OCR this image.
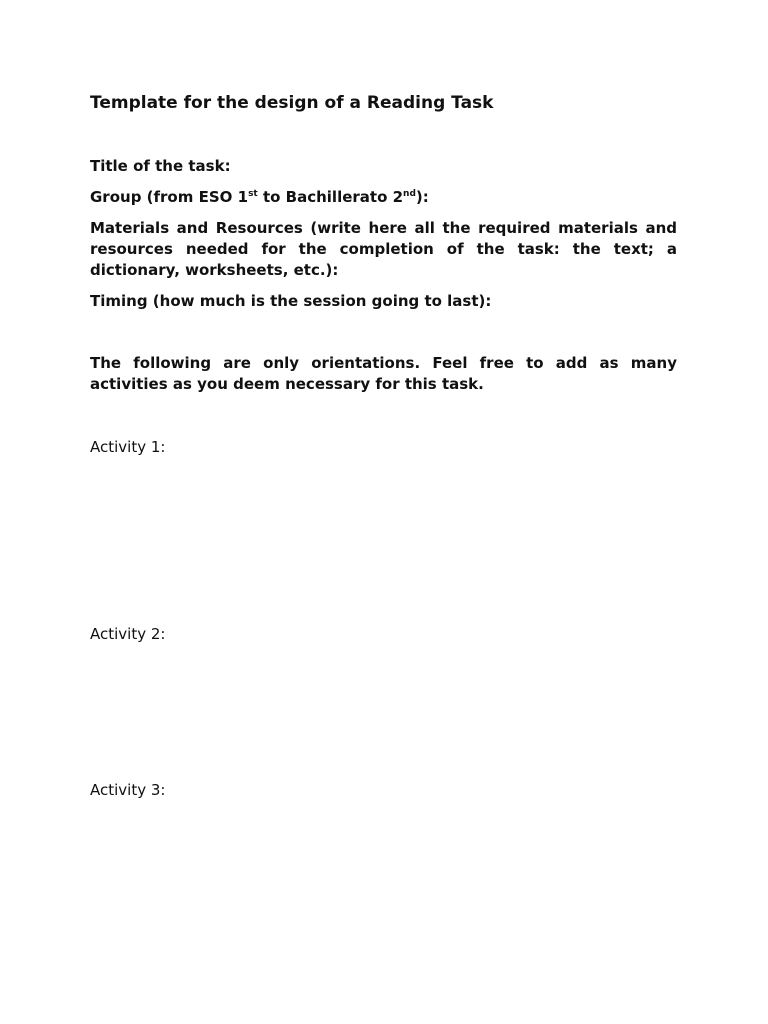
Template for the design of a Reading Task
Title of the task:
Group (from ESO 1st to Bachillerato 2nd):
Materials and Resources (write here all the required materials and resources needed for the completion of the task: the text; a dictionary, worksheets, etc.):
Timing (how much is the session going to last):
The following are only orientations. Feel free to add as many activities as you deem necessary for this task.
Activity 1:
Activity 2:
Activity 3:
